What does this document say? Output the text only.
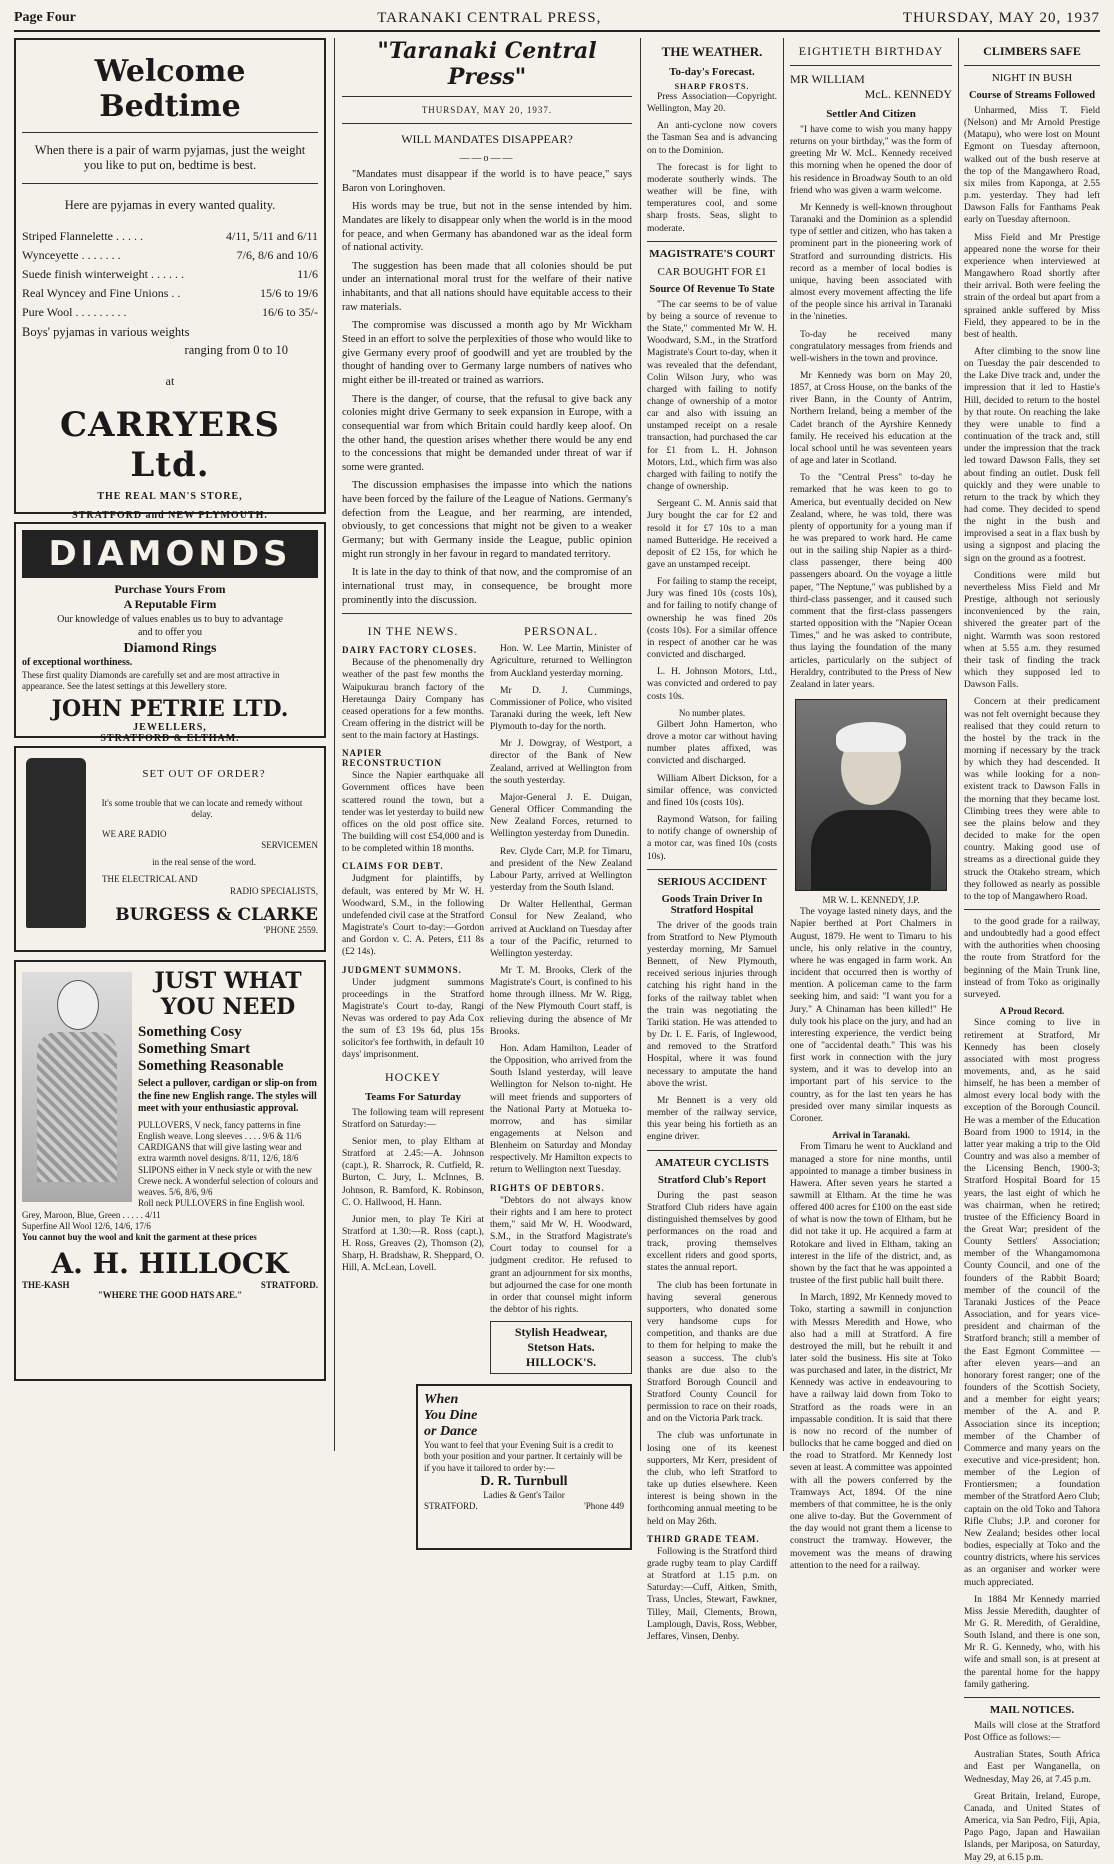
Page Four	TARANAKI CENTRAL PRESS,	THURSDAY, MAY 20, 1937
Welcome Bedtime
When there is a pair of warm pyjamas, just the weight you like to put on, bedtime is best.
Here are pyjamas in every wanted quality.
Striped Flannelette . . . . .	4/11, 5/11 and 6/11
Wynceyette . . . . . . .	7/6, 8/6 and 10/6
Suede finish winterweight . . . . . .	11/6
Real Wyncey and Fine Unions . .	15/6 to 19/6
Pure Wool . . . . . . . . .	16/6 to 35/-
Boys' pyjamas in various weights
ranging from 0 to 10
at
CARRYERS Ltd.
THE REAL MAN'S STORE,
STRATFORD and NEW PLYMOUTH.
DIAMONDS
Purchase Yours From
A Reputable Firm
Our knowledge of values enables us to buy to advantage and to offer you
Diamond Rings
of exceptional worthiness.
These first quality Diamonds are carefully set and are most attractive in appearance. See the latest settings at this Jewellery store.
JOHN PETRIE LTD.
JEWELLERS,
STRATFORD & ELTHAM.
SET OUT OF ORDER?
It's some trouble that we can locate and remedy without delay.
WE ARE RADIO
SERVICEMEN
in the real sense of the word.
THE ELECTRICAL AND
RADIO SPECIALISTS,
BURGESS & CLARKE
'PHONE 2559.
JUST WHAT
YOU NEED
Something Cosy
Something Smart
Something Reasonable
Select a pullover, cardigan or slip-on from the fine new English range. The styles will meet with your enthusiastic approval.
PULLOVERS, V neck, fancy patterns in fine English weave. Long sleeves . . . . 9/6 & 11/6
CARDIGANS that will give lasting wear and extra warmth novel designs. 8/11, 12/6, 18/6
SLIPONS either in V neck style or with the new Crewe neck. A wonderful selection of colours and weaves. 5/6, 8/6, 9/6
Roll neck PULLOVERS in fine English wool. Grey, Maroon, Blue, Green . . . . . 4/11
Superfine All Wool 12/6, 14/6, 17/6
You cannot buy the wool and knit the garment at these prices
A. H. HILLOCK
THE-KASH	STRATFORD.
"WHERE THE GOOD HATS ARE."
"Taranaki Central Press"
THURSDAY, MAY 20, 1937.
WILL MANDATES DISAPPEAR?
——o——

"Mandates must disappear if the world is to have peace," says Baron von Loringhoven.

His words may be true, but not in the sense intended by him. Mandates are likely to disappear only when the world is in the mood for peace, and when Germany has abandoned war as the ideal form of national activity.

The suggestion has been made that all colonies should be put under an international moral trust for the welfare of their native inhabitants, and that all nations should have equitable access to their raw materials.

The compromise was discussed a month ago by Mr Wickham Steed in an effort to solve the perplexities of those who would like to give Germany every proof of goodwill and yet are troubled by the thought of handing over to Germany large numbers of natives who might either be ill-treated or trained as warriors.

There is the danger, of course, that the refusal to give back any colonies might drive Germany to seek expansion in Europe, with a consequential war from which Britain could hardly keep aloof. On the other hand, the question arises whether there would be any end to the concessions that might be demanded under threat of war if some were granted.

The discussion emphasises the impasse into which the nations have been forced by the failure of the League of Nations. Germany's defection from the League, and her rearming, are intended, obviously, to get concessions that might not be given to a weaker Germany; but with Germany inside the League, public opinion might run strongly in her favour in regard to mandated territory.

It is late in the day to think of that now, and the compromise of an international trust may, in consequence, be brought more prominently into the discussion.

IN THE NEWS.
DAIRY FACTORY CLOSES.

Because of the phenomenally dry weather of the past few months the Waipukurau branch factory of the Heretaunga Dairy Company has ceased operations for a few months. Cream offering in the district will be sent to the main factory at Hastings.

NAPIER RECONSTRUCTION

Since the Napier earthquake all Government offices have been scattered round the town, but a tender was let yesterday to build new offices on the old post office site. The building will cost £54,000 and is to be completed within 18 months.

CLAIMS FOR DEBT.

Judgment for plaintiffs, by default, was entered by Mr W. H. Woodward, S.M., in the following undefended civil case at the Stratford Magistrate's Court to-day:—Gordon and Gordon v. C. A. Peters, £11 8s (£2 14s).

JUDGMENT SUMMONS.

Under judgment summons proceedings in the Stratford Magistrate's Court to-day, Rangi Nevas was ordered to pay Ada Cox the sum of £3 19s 6d, plus 15s solicitor's fee forthwith, in default 10 days' imprisonment.

HOCKEY
Teams For Saturday

The following team will represent Stratford on Saturday:—

Senior men, to play Eltham at Stratford at 2.45:—A. Johnson (capt.), R. Sharrock, R. Cutfield, R. Burton, C. Jury, L. McInnes, B. Johnson, R. Bamford, K. Robinson, C. O. Hallwood, H. Hann.

Junior men, to play Te Kiri at Stratford at 1.30:—R. Ross (capt.), H. Ross, Greaves (2), Thomson (2), Sharp, H. Bradshaw, R. Sheppard, O. Hill, A. McLean, Lovell.

PERSONAL.

Hon. W. Lee Martin, Minister of Agriculture, returned to Wellington from Auckland yesterday morning.

Mr D. J. Cummings, Commissioner of Police, who visited Taranaki during the week, left New Plymouth to-day for the north.

Mr J. Dowgray, of Westport, a director of the Bank of New Zealand, arrived at Wellington from the south yesterday.

Major-General J. E. Duigan, General Officer Commanding the New Zealand Forces, returned to Wellington yesterday from Dunedin.

Rev. Clyde Carr, M.P. for Timaru, and president of the New Zealand Labour Party, arrived at Wellington yesterday from the South Island.

Dr Walter Hellenthal, German Consul for New Zealand, who arrived at Auckland on Tuesday after a tour of the Pacific, returned to Wellington yesterday.

Mr T. M. Brooks, Clerk of the Magistrate's Court, is confined to his home through illness. Mr W. Rigg, of the New Plymouth Court staff, is relieving during the absence of Mr Brooks.

Hon. Adam Hamilton, Leader of the Opposition, who arrived from the South Island yesterday, will leave Wellington for Nelson to-night. He will meet friends and supporters of the National Party at Motueka to-morrow, and has similar engagements at Nelson and Blenheim on Saturday and Monday respectively. Mr Hamilton expects to return to Wellington next Tuesday.

RIGHTS OF DEBTORS.

"Debtors do not always know their rights and I am here to protect them," said Mr W. H. Woodward, S.M., in the Stratford Magistrate's Court today to counsel for a judgment creditor. He refused to grant an adjournment for six months, but adjourned the case for one month in order that counsel might inform the debtor of his rights.

Stylish Headwear,
Stetson Hats.
HILLOCK'S.
When
You Dine
or Dance
You want to feel that your Evening Suit is a credit to both your position and your partner. It certainly will be if you have it tailored to order by:—
D. R. Turnbull
Ladies & Gent's Tailor
STRATFORD.	'Phone 449
THE WEATHER.
To-day's Forecast.
SHARP FROSTS.

Press Association—Copyright. Wellington, May 20.

An anti-cyclone now covers the Tasman Sea and is advancing on to the Dominion.

The forecast is for light to moderate southerly winds. The weather will be fine, with temperatures cool, and some sharp frosts. Seas, slight to moderate.

MAGISTRATE'S COURT
CAR BOUGHT FOR £1
Source Of Revenue To State

"The car seems to be of value by being a source of revenue to the State," commented Mr W. H. Woodward, S.M., in the Stratford Magistrate's Court to-day, when it was revealed that the defendant, Colin Wilson Jury, who was charged with failing to notify change of ownership of a motor car and also with issuing an unstamped receipt on a resale transaction, had purchased the car for £1 from L. H. Johnson Motors, Ltd., which firm was also charged with failing to notify the change of ownership.

Sergeant C. M. Annis said that Jury bought the car for £2 and resold it for £7 10s to a man named Butteridge. He received a deposit of £2 15s, for which he gave an unstamped receipt.

For failing to stamp the receipt, Jury was fined 10s (costs 10s), and for failing to notify change of ownership he was fined 20s (costs 10s). For a similar offence in respect of another car he was convicted and discharged.

L. H. Johnson Motors, Ltd., was convicted and ordered to pay costs 10s.

No number plates.

Gilbert John Hamerton, who drove a motor car without having number plates affixed, was convicted and discharged.

William Albert Dickson, for a similar offence, was convicted and fined 10s (costs 10s).

Raymond Watson, for failing to notify change of ownership of a motor car, was fined 10s (costs 10s).

SERIOUS ACCIDENT
Goods Train Driver In Stratford Hospital

The driver of the goods train from Stratford to New Plymouth yesterday morning, Mr Samuel Bennett, of New Plymouth, received serious injuries through catching his right hand in the forks of the railway tablet when the train was negotiating the Tariki station. He was attended to by Dr. I. E. Faris, of Inglewood, and removed to the Stratford Hospital, where it was found necessary to amputate the hand above the wrist.

Mr Bennett is a very old member of the railway service, this year being his fortieth as an engine driver.

AMATEUR CYCLISTS
Stratford Club's Report

During the past season Stratford Club riders have again distinguished themselves by good performances on the road and track, proving themselves excellent riders and good sports, states the annual report.

The club has been fortunate in having several generous supporters, who donated some very handsome cups for competition, and thanks are due to them for helping to make the season a success. The club's thanks are due also to the Stratford Borough Council and Stratford County Council for permission to race on their roads, and on the Victoria Park track.

The club was unfortunate in losing one of its keenest supporters, Mr Kerr, president of the club, who left Stratford to take up duties elsewhere. Keen interest is being shown in the forthcoming annual meeting to be held on May 26th.

THIRD GRADE TEAM.

Following is the Stratford third grade rugby team to play Cardiff at Stratford at 1.15 p.m. on Saturday:—Cuff, Aitken, Smith, Trass, Uncles, Stewart, Fawkner, Tilley, Mail, Clements, Brown, Lamplough, Davis, Ross, Webber, Jeffares, Vinsen, Denby.

EIGHTIETH BIRTHDAY
MR WILLIAM
McL. KENNEDY
Settler And Citizen

"I have come to wish you many happy returns on your birthday," was the form of greeting Mr W. McL. Kennedy received this morning when he opened the door of his residence in Broadway South to an old friend who was given a warm welcome.

Mr Kennedy is well-known throughout Taranaki and the Dominion as a splendid type of settler and citizen, who has taken a prominent part in the pioneering work of Stratford and surrounding districts. His record as a member of local bodies is unique, having been associated with almost every movement affecting the life of the people since his arrival in Taranaki in the 'nineties.

To-day he received many congratulatory messages from friends and well-wishers in the town and province.

Mr Kennedy was born on May 20, 1857, at Cross House, on the banks of the river Bann, in the County of Antrim, Northern Ireland, being a member of the Cadet branch of the Ayrshire Kennedy family. He received his education at the local school until he was seventeen years of age and later in Scotland.

To the "Central Press" to-day he remarked that he was keen to go to America, but eventually decided on New Zealand, where, he was told, there was plenty of opportunity for a young man if he was prepared to work hard. He came out in the sailing ship Napier as a third-class passenger, there being 400 passengers aboard. On the voyage a little paper, "The Neptune," was published by a third-class passenger, and it caused such comment that the first-class passengers started opposition with the "Napier Ocean Times," and he was asked to contribute, thus laying the foundation of the many articles, particularly on the subject of Heraldry, contributed to the Press of New Zealand in later years.

MR W. L. KENNEDY, J.P.

The voyage lasted ninety days, and the Napier berthed at Port Chalmers in August, 1879. He went to Timaru to his uncle, his only relative in the country, where he was engaged in farm work. An incident that occurred then is worthy of mention. A policeman came to the farm seeking him, and said: "I want you for a Jury." A Chinaman has been killed!" He duly took his place on the jury, and had an interesting experience, the verdict being one of "accidental death." This was his first work in connection with the jury system, and it was to develop into an important part of his service to the country, as for the last ten years he has presided over many similar inquests as Coroner.

Arrival in Taranaki.

From Timaru he went to Auckland and managed a store for nine months, until appointed to manage a timber business in Hawera. After seven years he started a sawmill at Eltham. At the time he was offered 400 acres for £100 on the east side of what is now the town of Eltham, but he did not take it up. He acquired a farm at Rotokare and lived in Eltham, taking an interest in the life of the district, and, as shown by the fact that he was appointed a trustee of the first public hall built there.

In March, 1892, Mr Kennedy moved to Toko, starting a sawmill in conjunction with Messrs Meredith and Howe, who also had a mill at Stratford. A fire destroyed the mill, but he rebuilt it and later sold the business. His site at Toko was purchased and later, in the district, Mr Kennedy was active in endeavouring to have a railway laid down from Toko to Stratford as the roads were in an impassable condition. It is said that there is now no record of the number of bullocks that he came bogged and died on the road to Stratford. Mr Kennedy lost seven at least. A committee was appointed with all the powers conferred by the Tramways Act, 1894. Of the nine members of that committee, he is the only one alive to-day. But the Government of the day would not grant them a license to construct the tramway. However, the movement was the means of drawing attention to the need for a railway.

CLIMBERS SAFE
NIGHT IN BUSH
Course of Streams Followed

Unharmed, Miss T. Field (Nelson) and Mr Arnold Prestige (Matapu), who were lost on Mount Egmont on Tuesday afternoon, walked out of the bush reserve at the top of the Mangawhero Road, six miles from Kaponga, at 2.55 p.m. yesterday. They had left Dawson Falls for Fanthams Peak early on Tuesday afternoon.

Miss Field and Mr Prestige appeared none the worse for their experience when interviewed at Mangawhero Road shortly after their arrival. Both were feeling the strain of the ordeal but apart from a sprained ankle suffered by Miss Field, they appeared to be in the best of health.

After climbing to the snow line on Tuesday the pair descended to the Lake Dive track and, under the impression that it led to Hastie's Hill, decided to return to the hostel by that route. On reaching the lake they were unable to find a continuation of the track and, still under the impression that the track led toward Dawson Falls, they set about finding an outlet. Dusk fell quickly and they were unable to return to the track by which they had come. They decided to spend the night in the bush and improvised a seat in a flax bush by using a signpost and placing the sign on the ground as a footrest.

Conditions were mild but nevertheless Miss Field and Mr Prestige, although not seriously inconvenienced by the rain, shivered the greater part of the night. Warmth was soon restored when at 5.55 a.m. they resumed their task of finding the track which they supposed led to Dawson Falls.

Concern at their predicament was not felt overnight because they realised that they could return to the hostel by the track in the morning if necessary by the track by which they had descended. It was while looking for a non-existent track to Dawson Falls in the morning that they became lost. Climbing trees they were able to see the plains below and they decided to make for the open country. Making good use of streams as a directional guide they struck the Otakeho stream, which they followed as nearly as possible to the top of Mangawhero Road.

to the good grade for a railway, and undoubtedly had a good effect with the authorities when choosing the route from Stratford for the beginning of the Main Trunk line, instead of from Toko as originally surveyed.

A Proud Record.

Since coming to live in retirement at Stratford, Mr Kennedy has been closely associated with most progress movements, and, as he said himself, he has been a member of almost every local body with the exception of the Borough Council. He was a member of the Education Board from 1900 to 1914, in the latter year making a trip to the Old Country and was also a member of the Licensing Bench, 1900-3; Stratford Hospital Board for 15 years, the last eight of which he was chairman, when he retired; trustee of the Efficiency Board in the Great War; president of the County Settlers' Association; member of the Whangamomona County Council, and one of the founders of the Rabbit Board; member of the council of the Taranaki Justices of the Peace Association, and for years vice-president and chairman of the Stratford branch; still a member of the East Egmont Committee — after eleven years—and an honorary forest ranger; one of the founders of the Scottish Society, and a member for eight years; member of the A. and P. Association since its inception; member of the Chamber of Commerce and many years on the executive and vice-president; hon. member of the Legion of Frontiersmen; a foundation member of the Stratford Aero Club; captain on the old Toko and Tahora Rifle Clubs; J.P. and coroner for New Zealand; besides other local bodies, especially at Toko and the country districts, where his services as an organiser and worker were much appreciated.

In 1884 Mr Kennedy married Miss Jessie Meredith, daughter of Mr G. R. Meredith, of Geraldine, South Island, and there is one son, Mr R. G. Kennedy, who, with his wife and small son, is at present at the parental home for the happy family gathering.

MAIL NOTICES.

Mails will close at the Stratford Post Office as follows:—

Australian States, South Africa and East per Wanganella, on Wednesday, May 26, at 7.45 p.m.

Great Britain, Ireland, Europe, Canada, and United States of America, via San Pedro, Fiji, Apia, Pago Pago, Japan and Hawaiian Islands, per Mariposa, on Saturday, May 29, at 6.15 p.m.
